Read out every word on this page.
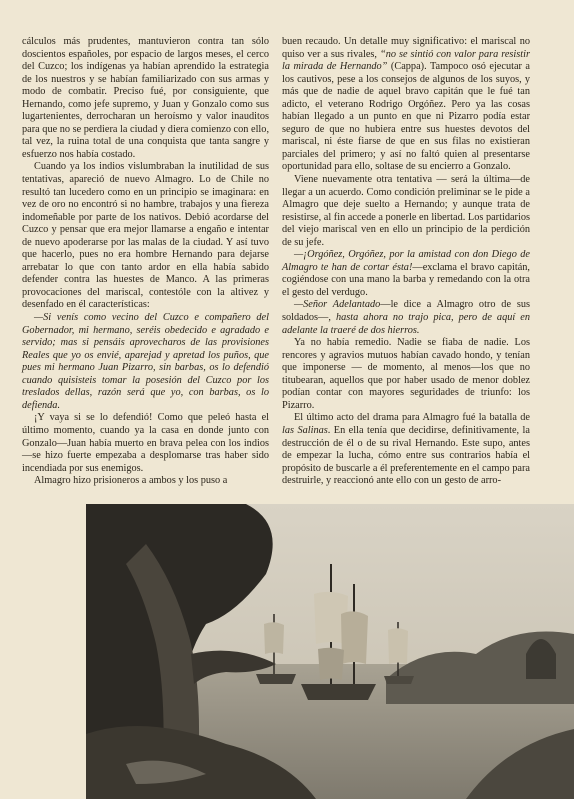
cálculos más prudentes, mantuvieron contra tan sólo doscientos españoles, por espacio de largos meses, el cerco del Cuzco; los indígenas ya habían aprendido la estrategia de los nuestros y se habían familiarizado con sus armas y modo de combatir. Preciso fué, por consiguiente, que Hernando, como jefe supremo, y Juan y Gonzalo como sus lugartenientes, derrocharan un heroísmo y valor inauditos para que no se perdiera la ciudad y diera comienzo con ello, tal vez, la ruina total de una conquista que tanta sangre y esfuerzo nos había costado.

Cuando ya los indios vislumbraban la inutilidad de sus tentativas, apareció de nuevo Almagro. Lo de Chile no resultó tan lucedero como en un principio se imaginara: en vez de oro no encontró si no hambre, trabajos y una fiereza indomeñable por parte de los nativos. Debió acordarse del Cuzco y pensar que era mejor llamarse a engaño e intentar de nuevo apoderarse por las malas de la ciudad. Y así tuvo que hacerlo, pues no era hombre Hernando para dejarse arrebatar lo que con tanto ardor en ella había sabido defender contra las huestes de Manco. A las primeras provocaciones del mariscal, contestóle con la altivez y desenfado en él características:

—Si venís como vecino del Cuzco e compañero del Gobernador, mi hermano, seréis obedecido e agradado e servido; mas si pensáis aprovecharos de las provisiones Reales que yo os envié, aparejad y apretad los puños, que pues mi hermano Juan Pizarro, sin barbas, os lo defendió cuando quisisteis tomar la posesión del Cuzco por los treslados dellas, razón será que yo, con barbas, os lo defienda.

¡Y vaya si se lo defendió! Como que peleó hasta el último momento, cuando ya la casa en donde junto con Gonzalo—Juan había muerto en brava pelea con los indios—se hizo fuerte empezaba a desplomarse tras haber sido incendiada por sus enemigos.

Almagro hizo prisioneros a ambos y los puso a

buen recaudo. Un detalle muy significativo: el mariscal no quiso ver a sus rivales, “no se sintió con valor para resistir la mirada de Hernando” (Cappa). Tampoco osó ejecutar a los cautivos, pese a los consejos de algunos de los suyos, y más que de nadie de aquel bravo capitán que le fué tan adicto, el veterano Rodrigo Orgóñez. Pero ya las cosas habían llegado a un punto en que ni Pizarro podía estar seguro de que no hubiera entre sus huestes devotos del mariscal, ni éste fiarse de que en sus filas no existieran parciales del primero; y así no faltó quien al presentarse oportunidad para ello, soltase de su encierro a Gonzalo.

Viene nuevamente otra tentativa — será la última—de llegar a un acuerdo. Como condición preliminar se le pide a Almagro que deje suelto a Hernando; y aunque trata de resistirse, al fin accede a ponerle en libertad. Los partidarios del viejo mariscal ven en ello un principio de la perdición de su jefe.

—¡Orgóñez, Orgóñez, por la amistad con don Diego de Almagro te han de cortar ésta!—exclama el bravo capitán, cogiéndose con una mano la barba y remedando con la otra el gesto del verdugo.

—Señor Adelantado—le dice a Almagro otro de sus soldados—, hasta ahora no trajo pica, pero de aquí en adelante la traeré de dos hierros.

Ya no había remedio. Nadie se fiaba de nadie. Los rencores y agravios mutuos habían cavado hondo, y tenían que imponerse — de momento, al menos—los que no titubearan, aquellos que por haber usado de menor doblez podían contar con mayores seguridades de triunfo: los Pizarro.

El último acto del drama para Almagro fué la batalla de las Salinas. En ella tenía que decidirse, definitivamente, la destrucción de él o de su rival Hernando. Este supo, antes de empezar la lucha, cómo entre sus contrarios había el propósito de buscarle a él preferentemente en el campo para destruirle, y reaccionó ante ello con un gesto de arro-
